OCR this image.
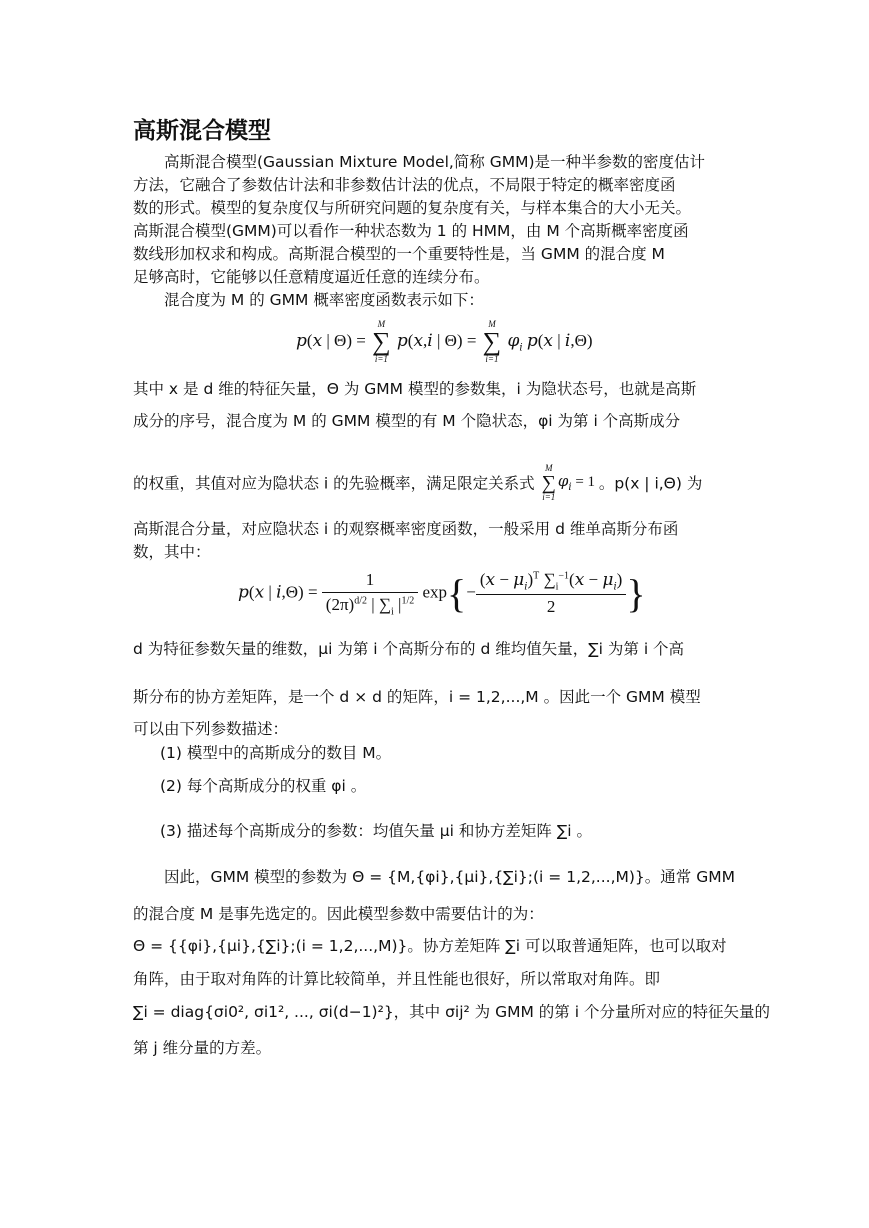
高斯混合模型
高斯混合模型(Gaussian Mixture Model,简称 GMM)是一种半参数的密度估计
方法，它融合了参数估计法和非参数估计法的优点，不局限于特定的概率密度函
数的形式。模型的复杂度仅与所研究问题的复杂度有关，与样本集合的大小无关。
高斯混合模型(GMM)可以看作一种状态数为 1 的 HMM，由 M 个高斯概率密度函
数线形加权求和构成。高斯混合模型的一个重要特性是，当 GMM 的混合度 M
足够高时，它能够以任意精度逼近任意的连续分布。
混合度为 M 的 GMM 概率密度函数表示如下：
p(x | Θ) =
M
∑
i=1
p(x,i | Θ) =
M
∑
i=1
$\varphi_i$ p(x | i,Θ)
其中 x 是 d 维的特征矢量，Θ 为 GMM 模型的参数集，i 为隐状态号，也就是高斯
成分的序号，混合度为 M 的 GMM 模型的有 M 个隐状态，φi 为第 i 个高斯成分
的权重，其值对应为隐状态 i 的先验概率，满足限定关系式
M
∑
i=1
$\varphi_i = 1$ 。p(x | i,Θ) 为
高斯混合分量，对应隐状态 i 的观察概率密度函数，一般采用 d 维单高斯分布函
数，其中：
p(x | $i,\Theta) = \frac{1}{(2\pi)^{d/2} | \sum_i |^{1/2}} \exp\{- \frac{(x - \mu_i)^T \sum_i^{-1}(x - \mu_i)}{2}$ }
d 为特征参数矢量的维数，μi 为第 i 个高斯分布的 d 维均值矢量，∑i 为第 i 个高
斯分布的协方差矩阵，是一个 d × d 的矩阵，i = 1,2,...,M 。因此一个 GMM 模型
可以由下列参数描述：
(1) 模型中的高斯成分的数目 M。
(2) 每个高斯成分的权重 φi 。
(3) 描述每个高斯成分的参数：均值矢量 μi 和协方差矩阵 ∑i 。
因此，GMM 模型的参数为 Θ = {M,{φi},{μi},{∑i};(i = 1,2,...,M)}。通常 GMM
的混合度 M 是事先选定的。因此模型参数中需要估计的为：
Θ = {{φi},{μi},{∑i};(i = 1,2,...,M)}。协方差矩阵 ∑i 可以取普通矩阵，也可以取对
角阵，由于取对角阵的计算比较简单，并且性能也很好，所以常取对角阵。即
∑i = diag{σi0², σi1², ..., σi(d−1)²}，其中 σij² 为 GMM 的第 i 个分量所对应的特征矢量的
第 j 维分量的方差。
